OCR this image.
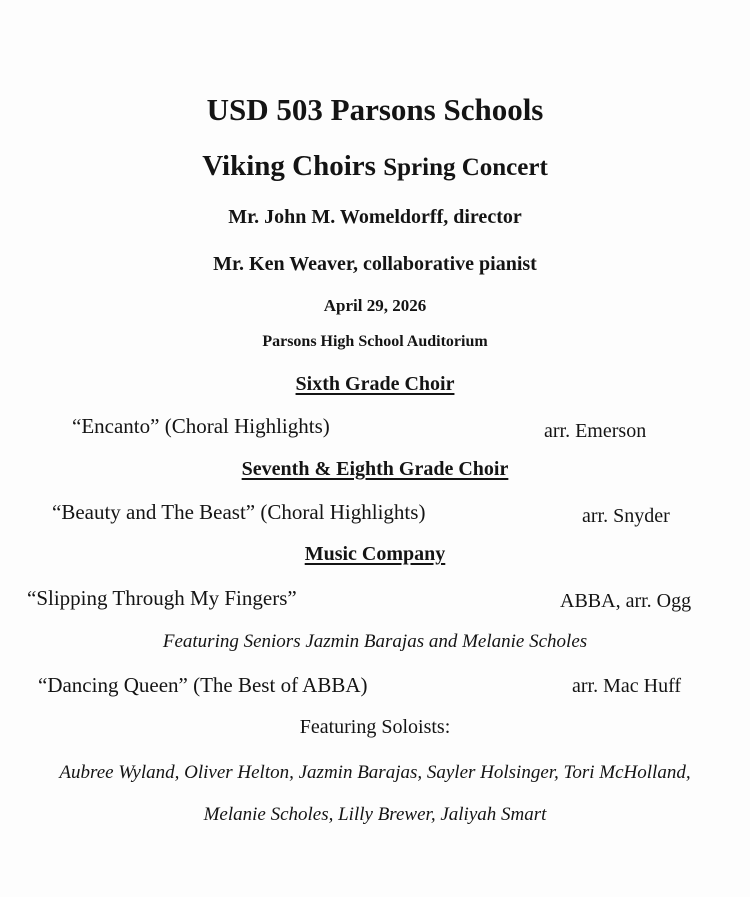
USD 503 Parsons Schools
Viking Choirs Spring Concert
Mr. John M. Womeldorff, director
Mr. Ken Weaver, collaborative pianist
April 29, 2026
Parsons High School Auditorium
Sixth Grade Choir
“Encanto” (Choral Highlights)	arr. Emerson
Seventh & Eighth Grade Choir
“Beauty and The Beast” (Choral Highlights)	arr. Snyder
Music Company
“Slipping Through My Fingers”	ABBA, arr. Ogg
Featuring Seniors Jazmin Barajas and Melanie Scholes
“Dancing Queen” (The Best of ABBA)	arr. Mac Huff
Featuring Soloists:
Aubree Wyland, Oliver Helton, Jazmin Barajas, Sayler Holsinger, Tori McHolland,
Melanie Scholes, Lilly Brewer, Jaliyah Smart
